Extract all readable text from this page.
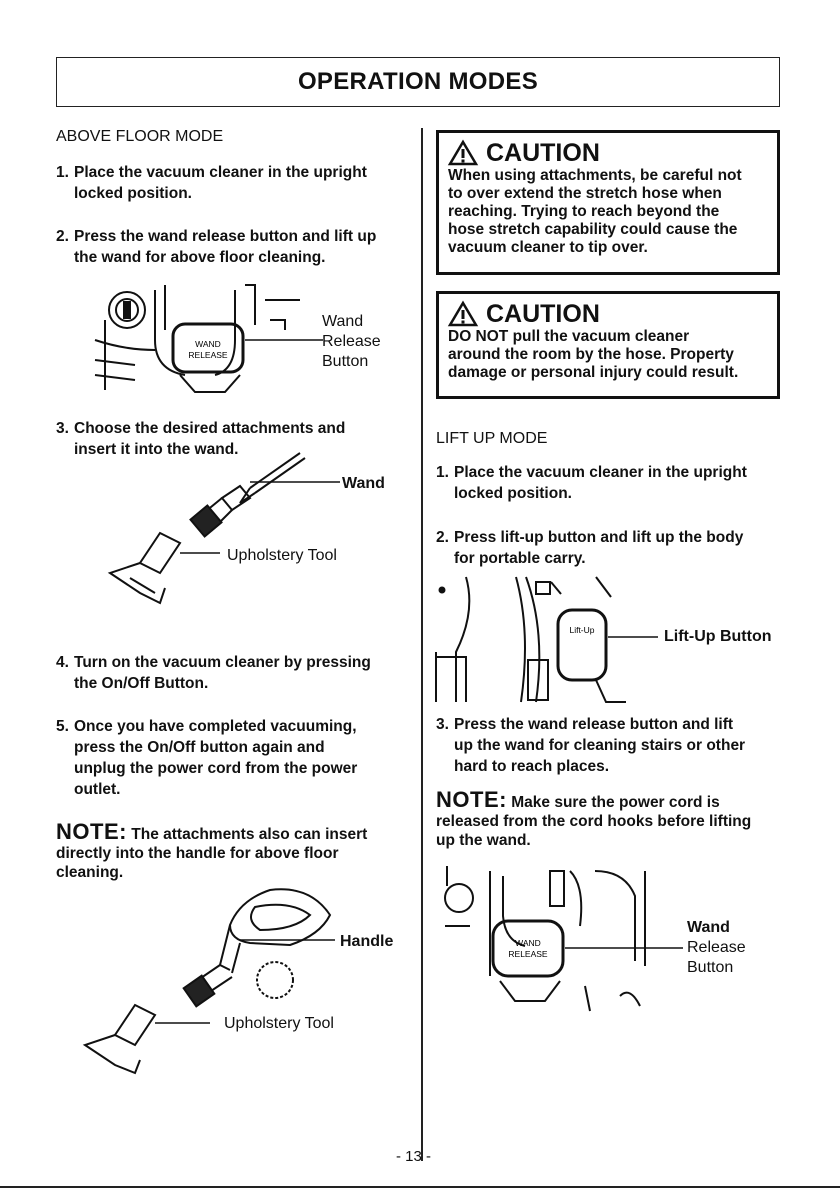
OPERATION MODES
ABOVE FLOOR MODE
1. Place the vacuum cleaner in the upright
locked position.
2. Press the wand release button and lift up
the wand for above floor cleaning.
WAND
RELEASE
Wand
Release
Button
3. Choose the desired attachments and
insert it into the wand.
Wand
Upholstery Tool
4. Turn on the vacuum cleaner by pressing
the On/Off Button.
5. Once you have completed vacuuming,
press the On/Off button again and
unplug the power cord from the power
outlet.
NOTE: The attachments also can insert
directly into the handle for above floor
cleaning.
Handle
Upholstery Tool
CAUTION
When using attachments, be careful not
to over extend the stretch hose when
reaching. Trying to reach beyond the
hose stretch capability could cause the
vacuum cleaner to tip over.
CAUTION
DO NOT pull the vacuum cleaner
around the room by the hose. Property
damage or personal injury could result.
LIFT UP MODE
1. Place the vacuum cleaner in the upright
locked position.
2. Press lift-up button and lift up the body
for portable carry.
Lift-Up	Lift-Up Button
3. Press the wand release button and lift
up the wand for cleaning stairs or other
hard to reach places.
NOTE: Make sure the power cord is
released from the cord hooks before lifting
up the wand.
WAND
RELEASE
Wand
Release
Button
- 13 -
